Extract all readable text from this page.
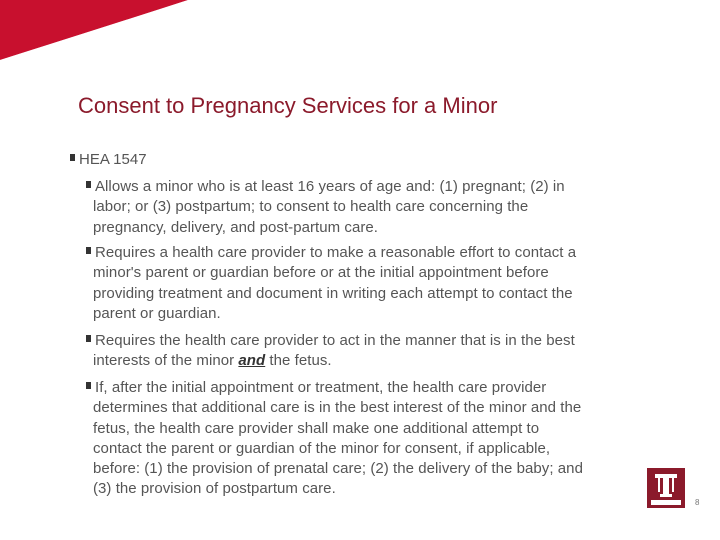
Consent to Pregnancy Services for a Minor
HEA 1547
Allows a minor who is at least 16 years of age and: (1) pregnant; (2) in
labor; or (3) postpartum; to consent to health care concerning the
pregnancy, delivery, and post-partum care.
Requires a health care provider to make a reasonable effort to contact a
minor's parent or guardian before or at the initial appointment before
providing treatment and document in writing each attempt to contact the
parent or guardian.
Requires the health care provider to act in the manner that is in the best
interests of the minor and the fetus.
If, after the initial appointment or treatment, the health care provider
determines that additional care is in the best interest of the minor and the
fetus, the health care provider shall make one additional attempt to
contact the parent or guardian of the minor for consent, if applicable,
before: (1) the provision of prenatal care; (2) the delivery of the baby; and
(3) the provision of postpartum care.
8
